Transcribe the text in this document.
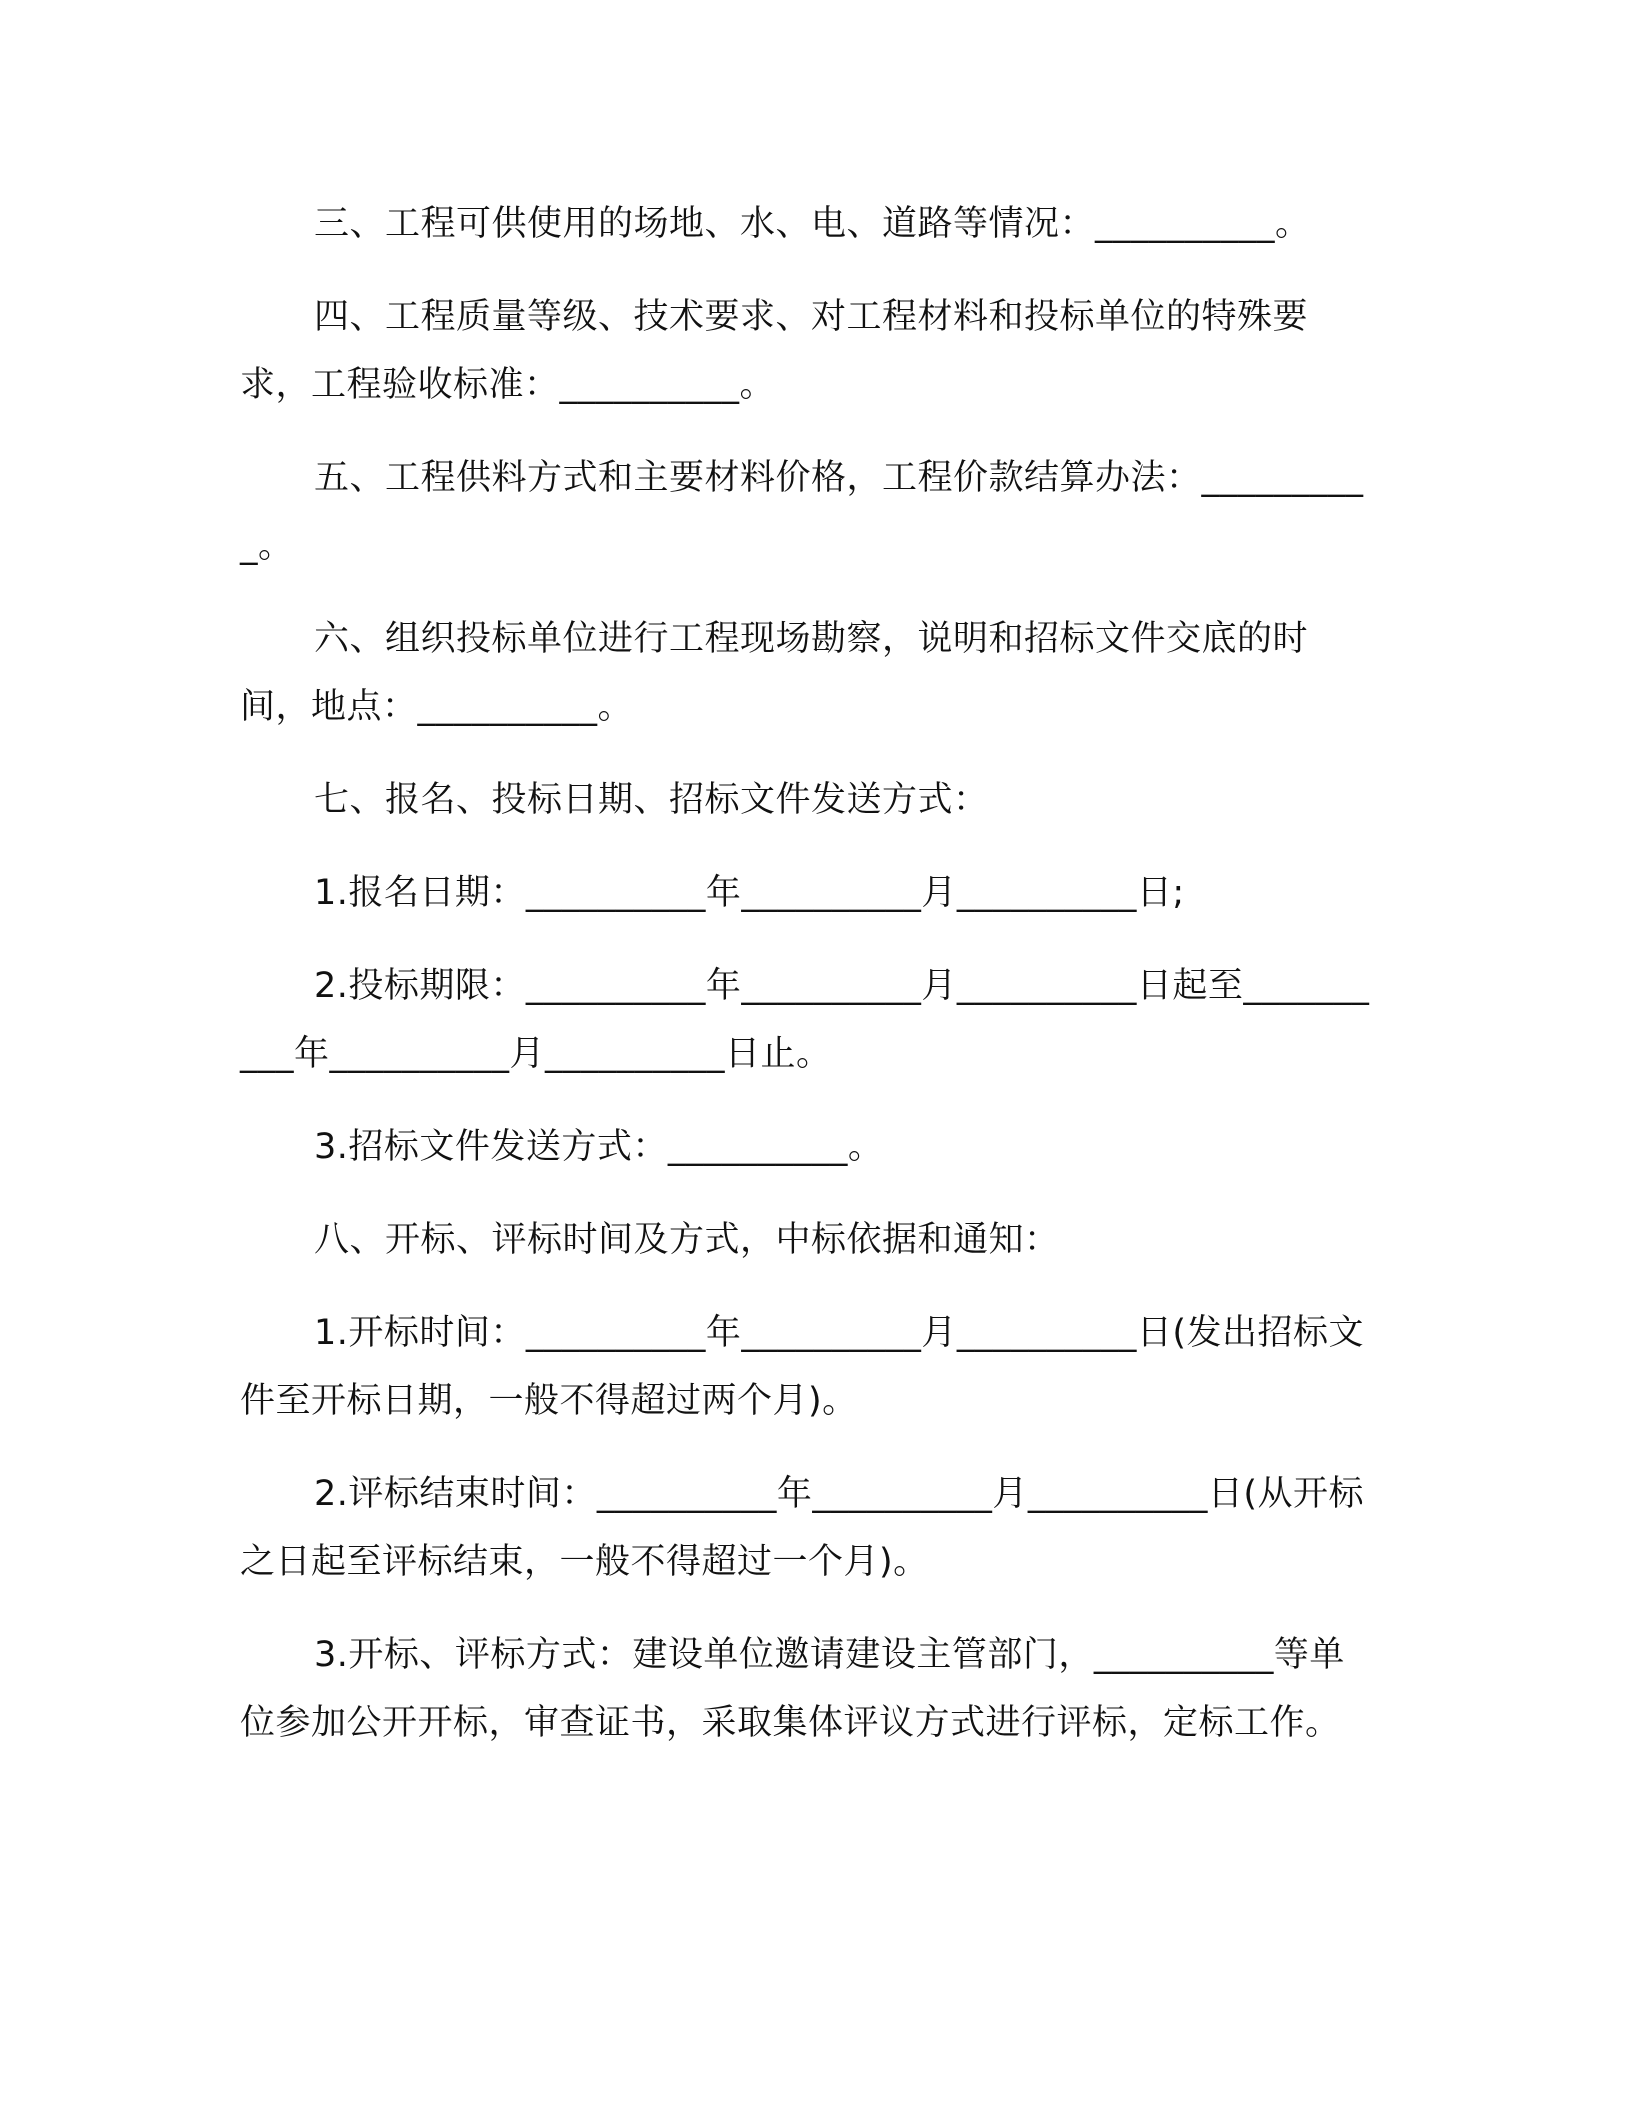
三、工程可供使用的场地、水、电、道路等情况：__________。

四、工程质量等级、技术要求、对工程材料和投标单位的特殊要求，工程验收标准：__________。

五、工程供料方式和主要材料价格，工程价款结算办法：__________。

六、组织投标单位进行工程现场勘察，说明和招标文件交底的时间，地点：__________。

七、报名、投标日期、招标文件发送方式：

1.报名日期：__________年__________月__________日;

2.投标期限：__________年__________月__________日起至__________年__________月__________日止。

3.招标文件发送方式：__________。

八、开标、评标时间及方式，中标依据和通知：

1.开标时间：__________年__________月__________日(发出招标文件至开标日期，一般不得超过两个月)。

2.评标结束时间：__________年__________月__________日(从开标之日起至评标结束，一般不得超过一个月)。

3.开标、评标方式：建设单位邀请建设主管部门，__________等单位参加公开开标，审查证书，采取集体评议方式进行评标，定标工作。
